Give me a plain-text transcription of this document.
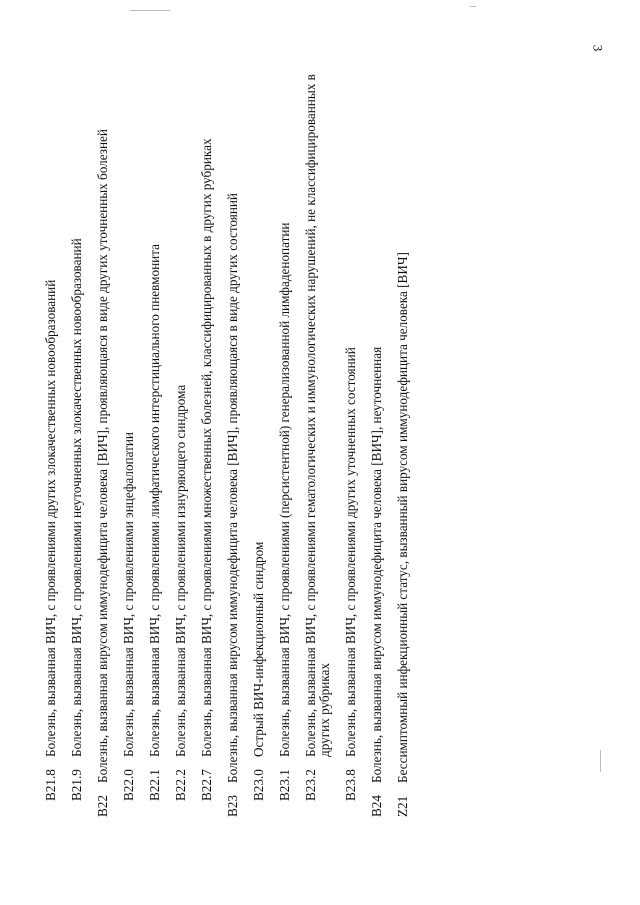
3
B21.8
Болезнь, вызванная ВИЧ, с проявлениями других злокачественных новообразований
B21.9
Болезнь, вызванная ВИЧ, с проявлениями неуточненных злокачественных новообразований
B22
Болезнь, вызванная вирусом иммунодефицита человека [ВИЧ], проявляющаяся в виде других уточненных болезней
B22.0
Болезнь, вызванная ВИЧ, с проявлениями энцефалопатии
B22.1
Болезнь, вызванная ВИЧ, с проявлениями лимфатического интерстициального пневмонита
B22.2
Болезнь, вызванная ВИЧ, с проявлениями изнуряющего синдрома
B22.7
Болезнь, вызванная ВИЧ, с проявлениями множественных болезней, классифицированных в других рубриках
B23
Болезнь, вызванная вирусом иммунодефицита человека [ВИЧ], проявляющаяся в виде других состояний
B23.0
Острый ВИЧ-инфекционный синдром
B23.1
Болезнь, вызванная ВИЧ, с проявлениями (персистентной) генерализованной лимфаденопатии
B23.2
Болезнь, вызванная ВИЧ, с проявлениями гематологических и иммунологических нарушений, не классифицированных в других рубриках
B23.8
Болезнь, вызванная ВИЧ, с проявлениями других уточненных состояний
B24
Болезнь, вызванная вирусом иммунодефицита человека [ВИЧ], неуточненная
Z21
Бессимптомный инфекционный статус, вызванный вирусом иммунодефицита человека [ВИЧ]
